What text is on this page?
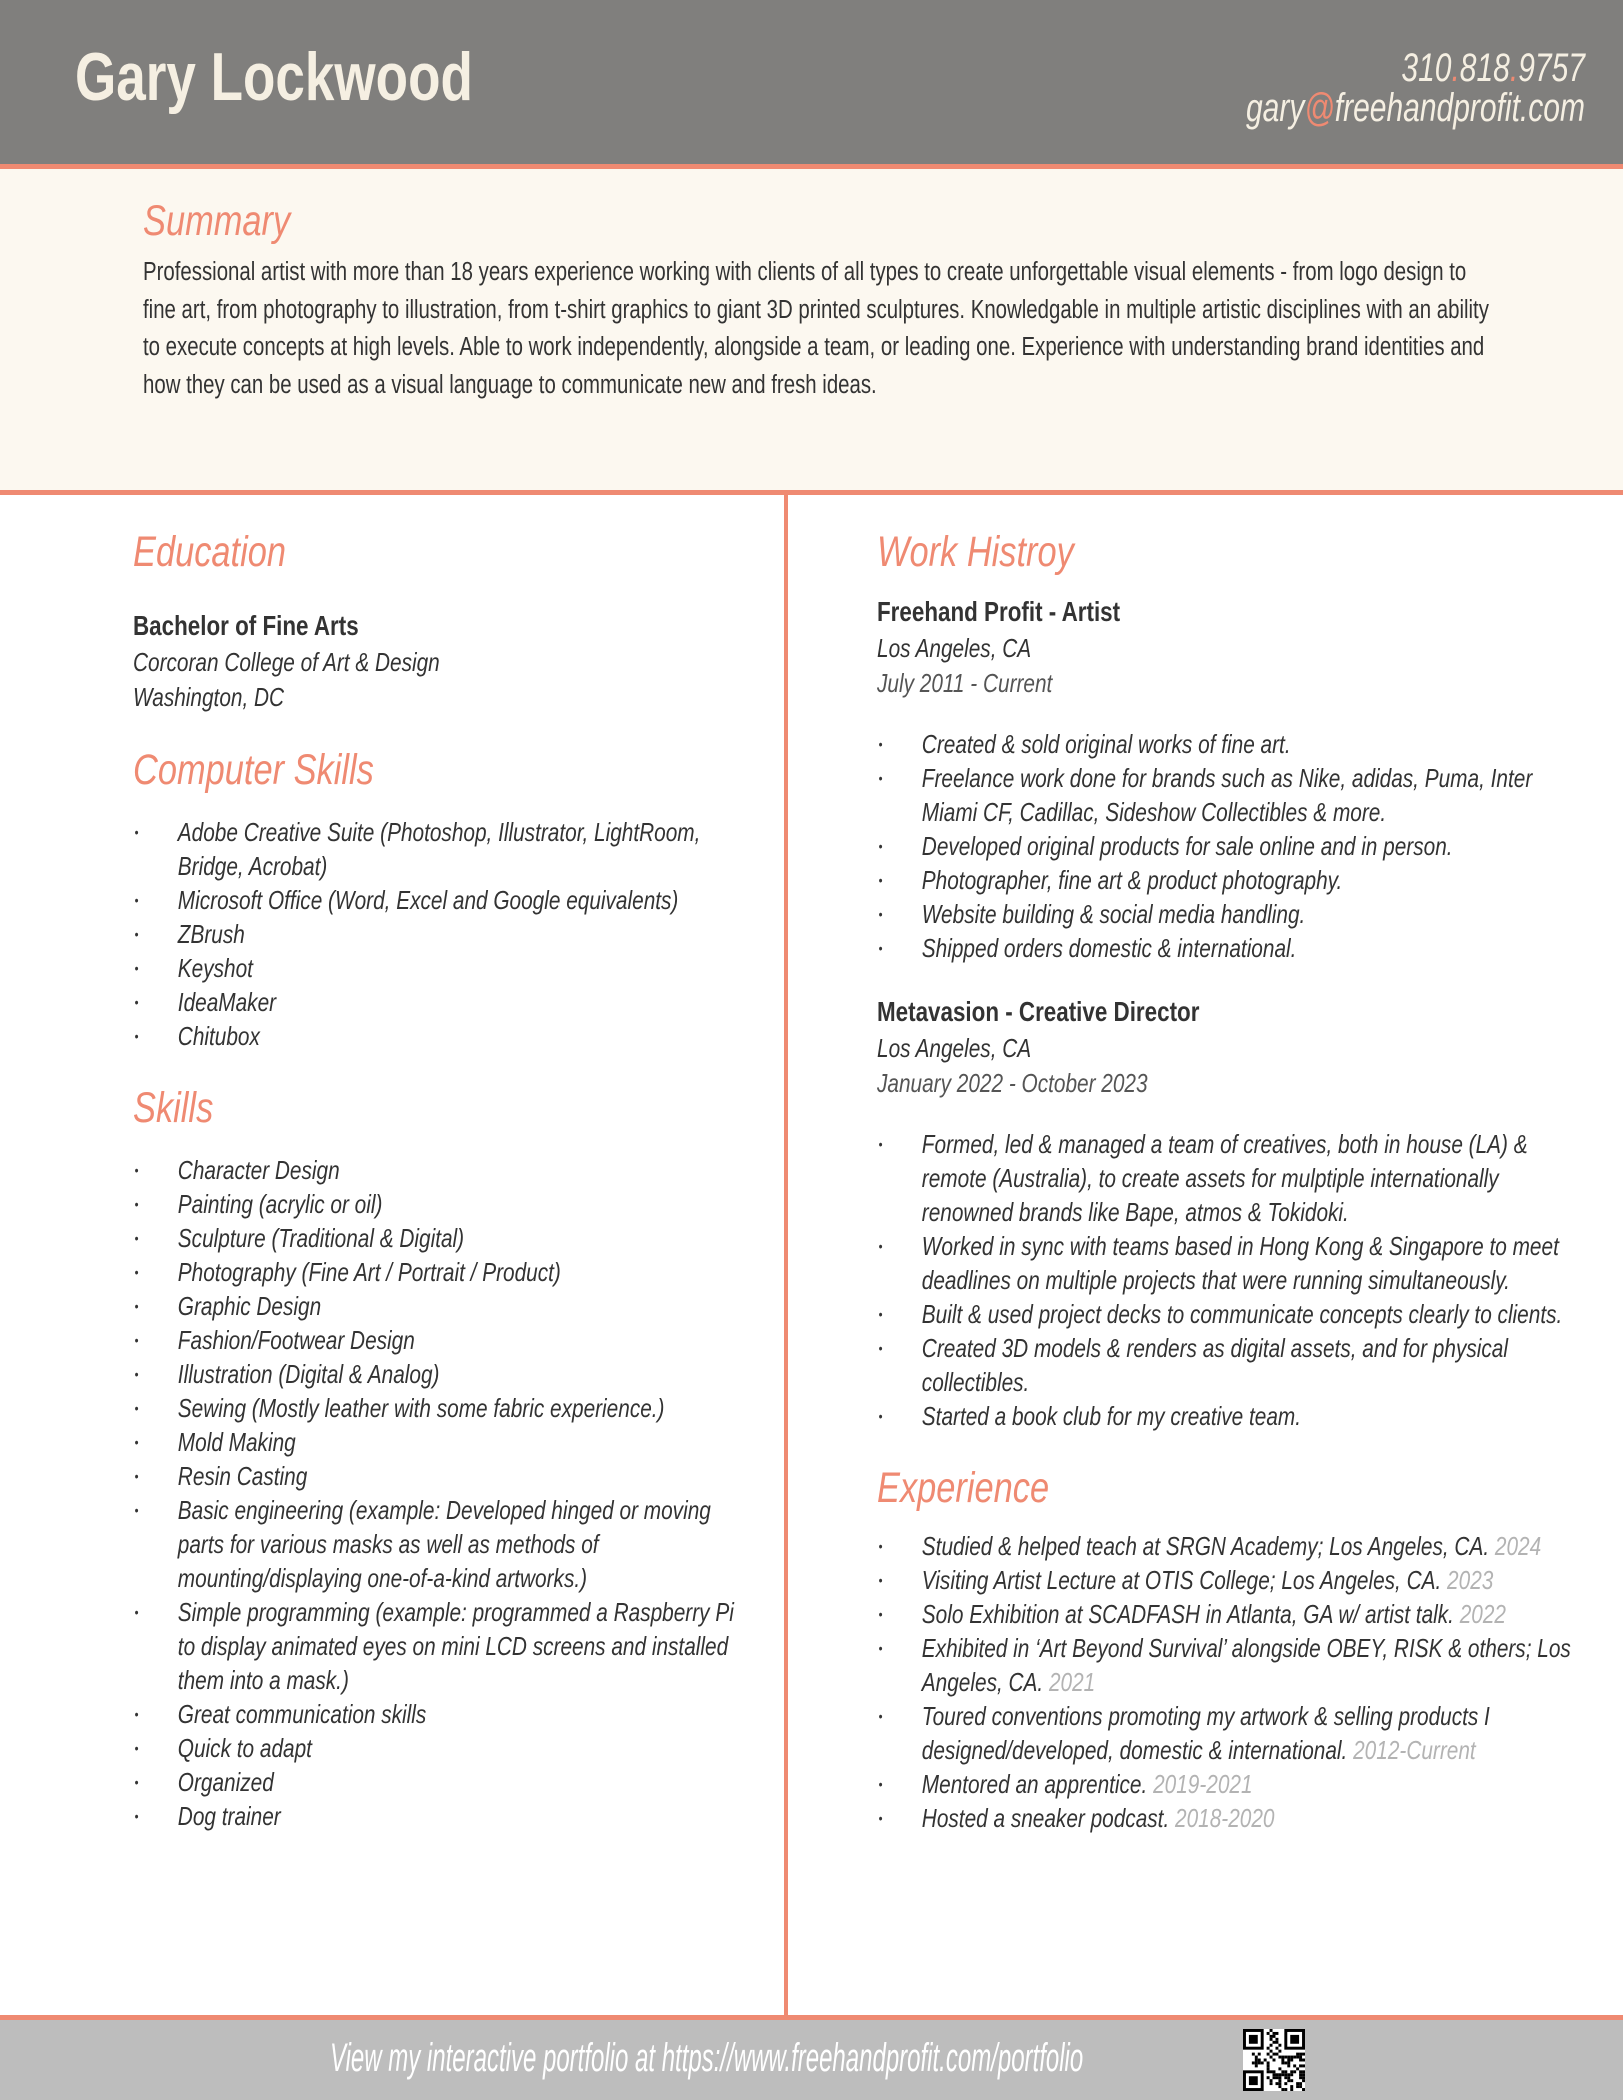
Gary Lockwood	310.818.9757
gary@freehandprofit.com
Summary

Professional artist with more than 18 years experience working with clients of all types to create unforgettable visual elements - from logo design to fine art, from photography to illustration, from t-shirt graphics to giant 3D printed sculptures. Knowledgable in multiple artistic disciplines with an ability to execute concepts at high levels. Able to work independently, alongside a team, or leading one. Experience with understanding brand identities and how they can be used as a visual language to communicate new and fresh ideas.

Education
Bachelor of Fine Arts
Corcoran College of Art & Design
Washington, DC
Computer Skills
• Adobe Creative Suite (Photoshop, Illustrator, LightRoom, Bridge, Acrobat)
• Microsoft Office (Word, Excel and Google equivalents)
• ZBrush
• Keyshot
• IdeaMaker
• Chitubox
Skills
• Character Design
• Painting (acrylic or oil)
• Sculpture (Traditional & Digital)
• Photography (Fine Art / Portrait / Product)
• Graphic Design
• Fashion/Footwear Design
• Illustration (Digital & Analog)
• Sewing (Mostly leather with some fabric experience.)
• Mold Making
• Resin Casting
• Basic engineering (example: Developed hinged or moving parts for various masks as well as methods of mounting/displaying one-of-a-kind artworks.)
• Simple programming (example: programmed a Raspberry Pi to display animated eyes on mini LCD screens and installed them into a mask.)
• Great communication skills
• Quick to adapt
• Organized
• Dog trainer
Work Histroy
Freehand Profit - Artist
Los Angeles, CA
July 2011 - Current
• Created & sold original works of fine art.
• Freelance work done for brands such as Nike, adidas, Puma, Inter Miami CF, Cadillac, Sideshow Collectibles & more.
• Developed original products for sale online and in person.
• Photographer, fine art & product photography.
• Website building & social media handling.
• Shipped orders domestic & international.
Metavasion - Creative Director
Los Angeles, CA
January 2022 - October 2023
• Formed, led & managed a team of creatives, both in house (LA) & remote (Australia), to create assets for mulptiple internationally renowned brands like Bape, atmos & Tokidoki.
• Worked in sync with teams based in Hong Kong & Singapore to meet deadlines on multiple projects that were running simultaneously.
• Built & used project decks to communicate concepts clearly to clients.
• Created 3D models & renders as digital assets, and for physical collectibles.
• Started a book club for my creative team.
Experience
• Studied & helped teach at SRGN Academy; Los Angeles, CA. 2024
• Visiting Artist Lecture at OTIS College; Los Angeles, CA. 2023
• Solo Exhibition at SCADFASH in Atlanta, GA w/ artist talk. 2022
• Exhibited in ‘Art Beyond Survival’ alongside OBEY, RISK & others; Los Angeles, CA. 2021
• Toured conventions promoting my artwork & selling products I designed/developed, domestic & international. 2012-Current
• Mentored an apprentice. 2019-2021
• Hosted a sneaker podcast. 2018-2020
View my interactive portfolio at https://www.freehandprofit.com/portfolio
